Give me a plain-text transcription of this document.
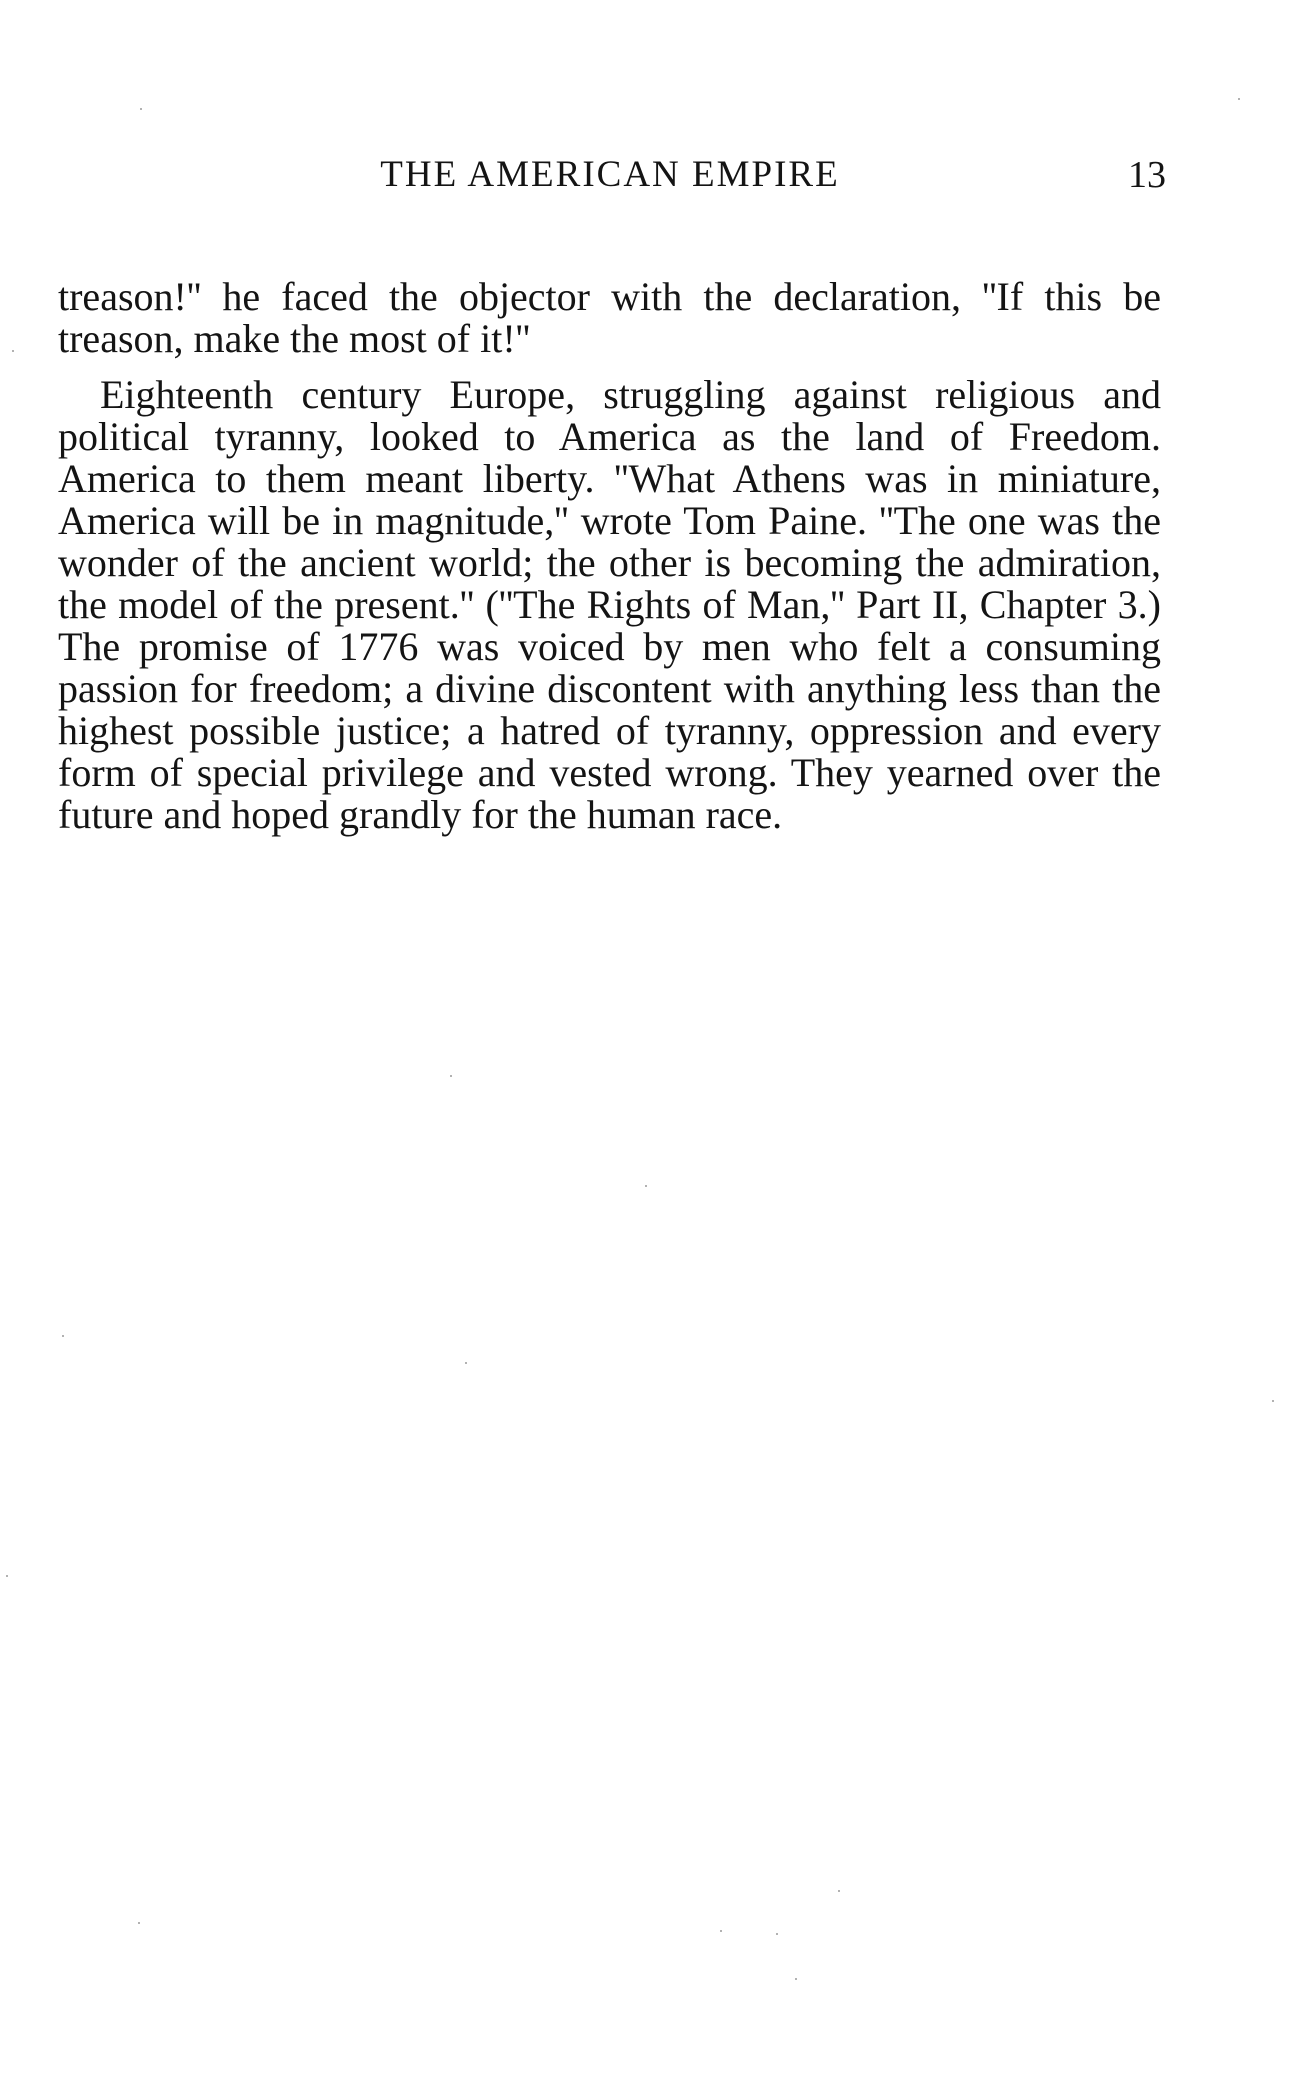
THE AMERICAN EMPIRE	13

treason!'' he faced the objector with the declaration, ''If this be treason, make the most of it!''

Eighteenth century Europe, struggling against religious and political tyranny, looked to America as the land of Freedom. America to them meant liberty. ''What Athens was in miniature, America will be in magnitude,'' wrote Tom Paine. ''The one was the wonder of the ancient world; the other is becoming the admiration, the model of the present.'' (''The Rights of Man,'' Part II, Chapter 3.) The promise of 1776 was voiced by men who felt a consuming passion for freedom; a divine discontent with anything less than the highest possible justice; a hatred of tyranny, oppression and every form of special privilege and vested wrong. They yearned over the future and hoped grandly for the human race.
